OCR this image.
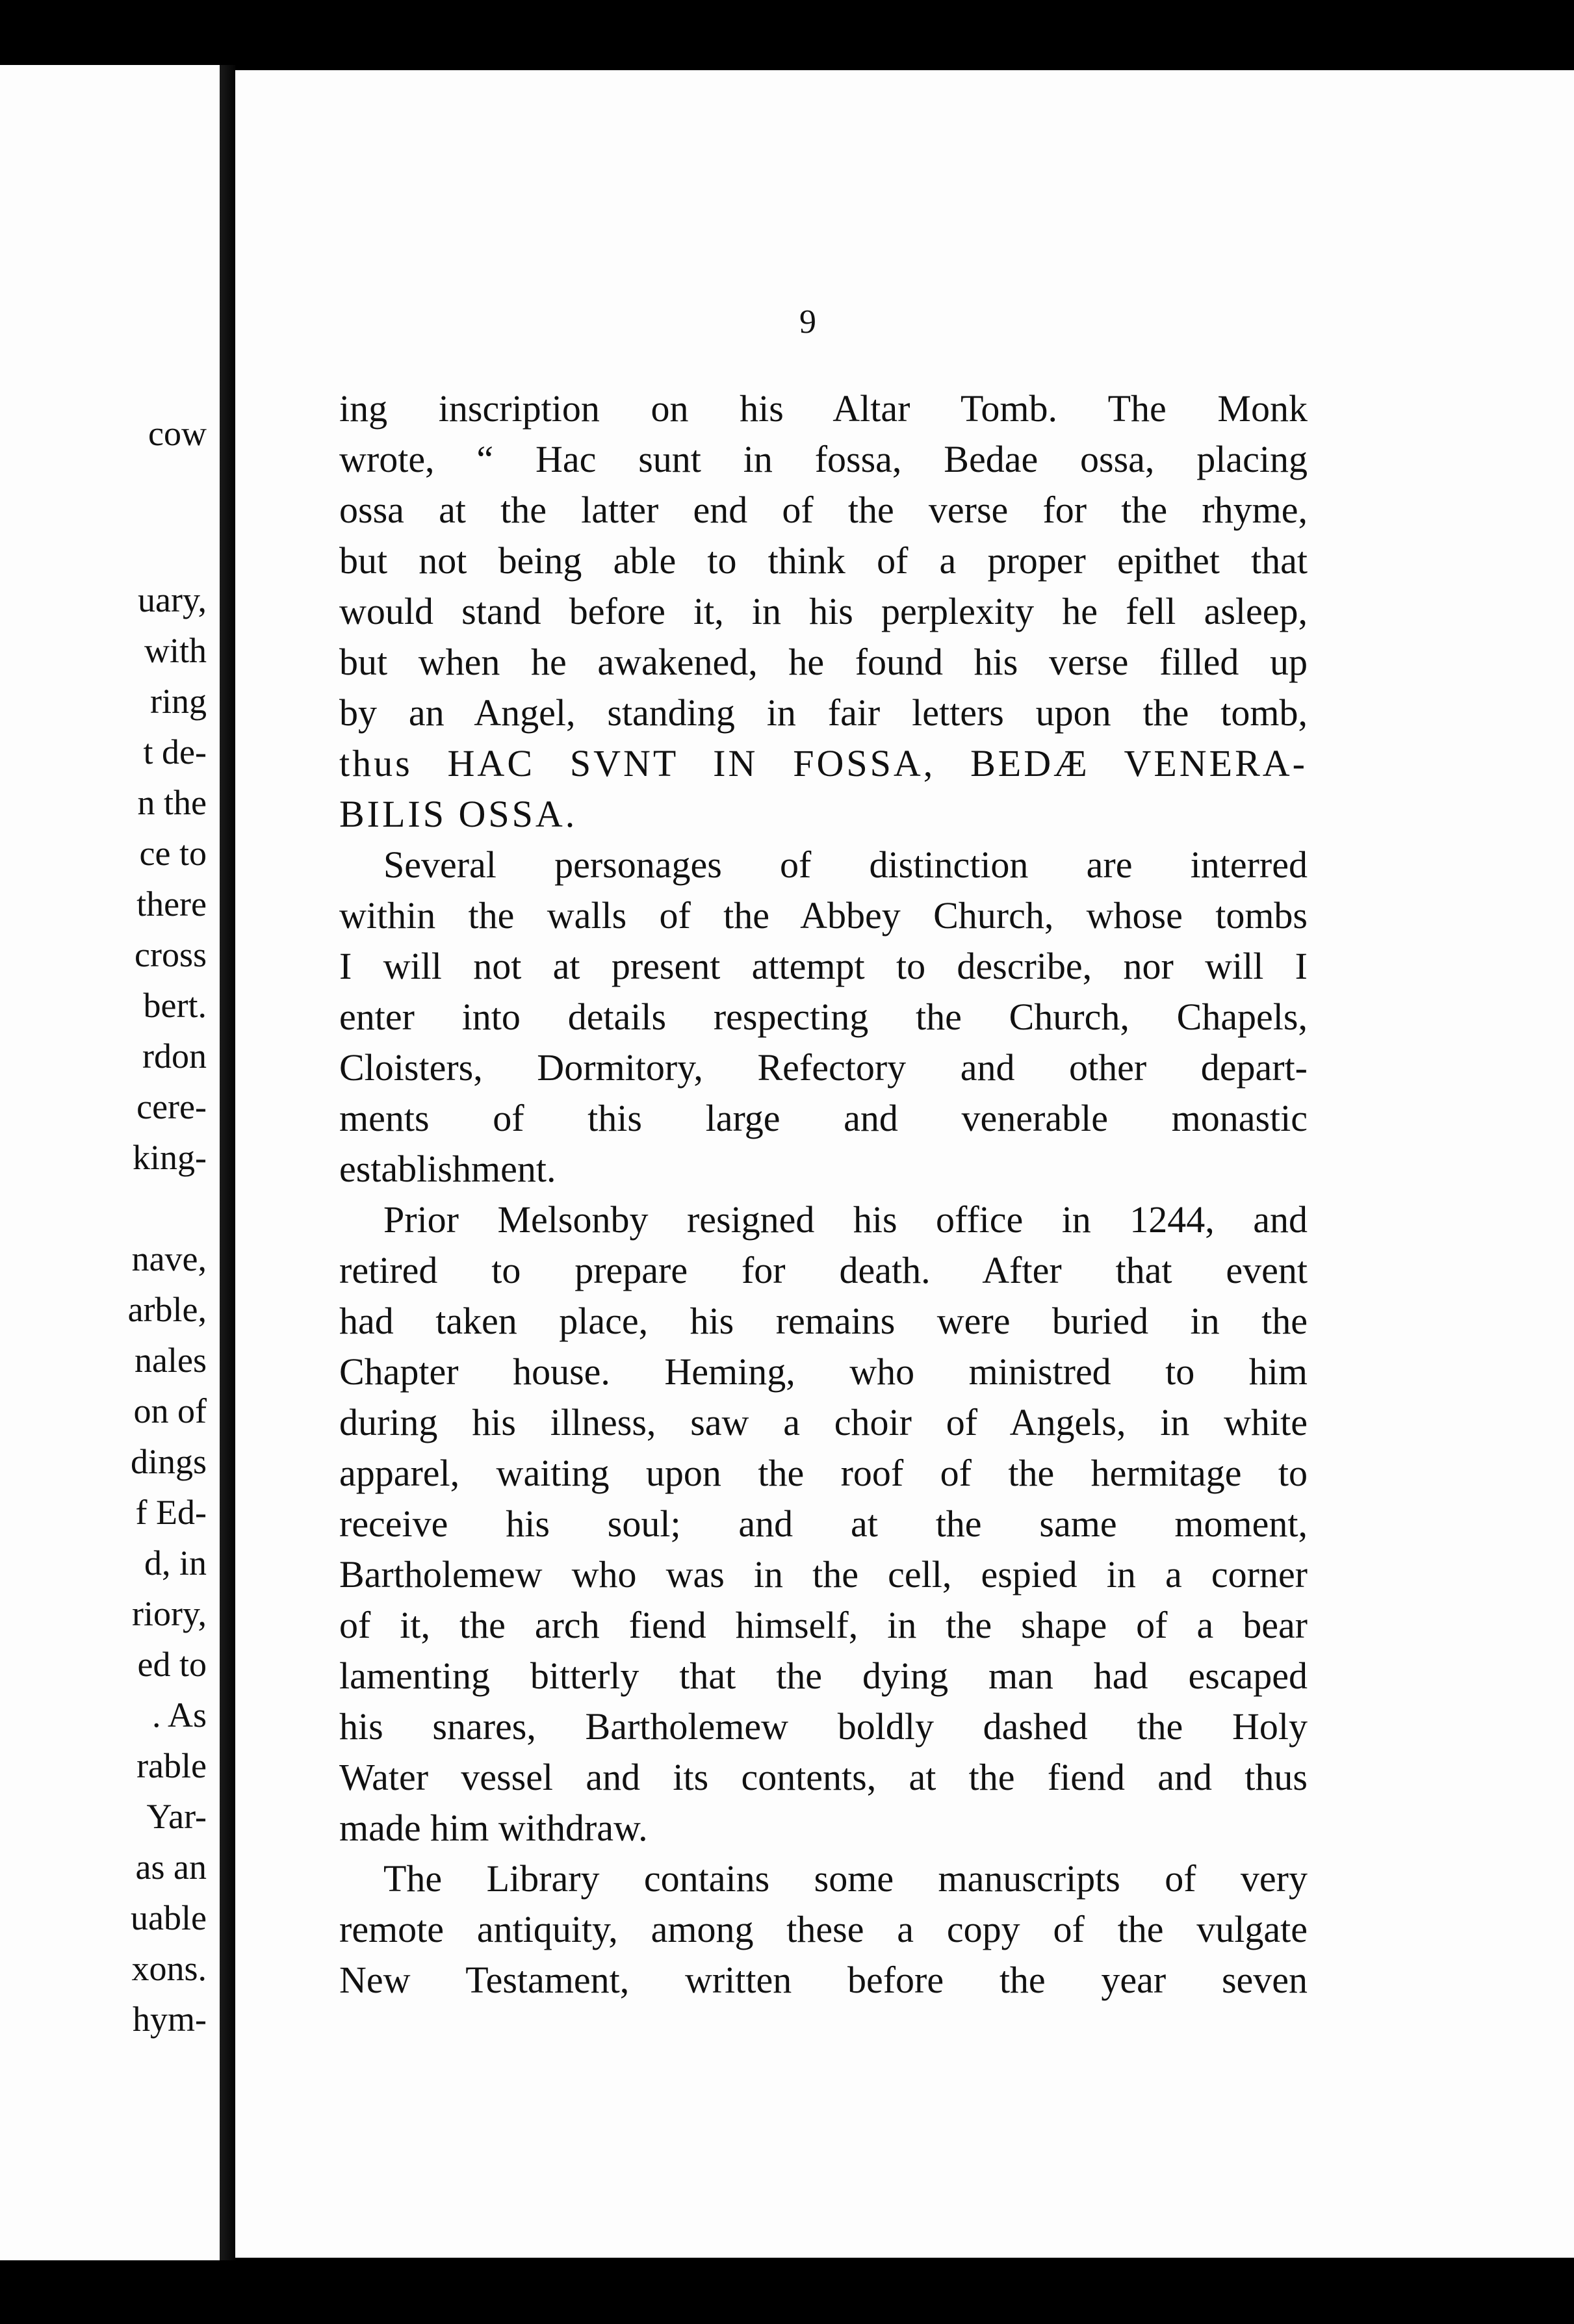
cow
uary,
with
ring
t de-
n the
ce to
there
cross
bert.
rdon
cere-
king-
nave,
arble,
nales
on of
dings
f Ed-
d, in
riory,
ed to
. As
rable
Yar-
as an
uable
xons.
hym-
9
ing inscription on his Altar Tomb. The Monk
wrote, “ Hac sunt in fossa, Bedae ossa, placing
ossa at the latter end of the verse for the rhyme,
but not being able to think of a proper epithet that
would stand before it, in his perplexity he fell asleep,
but when he awakened, he found his verse filled up
by an Angel, standing in fair letters upon the tomb,
thus HAC SVNT IN FOSSA, BEDÆ VENERA-
BILIS OSSA.
Several personages of distinction are interred
within the walls of the Abbey Church, whose tombs
I will not at present attempt to describe, nor will I
enter into details respecting the Church, Chapels,
Cloisters, Dormitory, Refectory and other depart-
ments of this large and venerable monastic
establishment.
Prior Melsonby resigned his office in 1244, and
retired to prepare for death. After that event
had taken place, his remains were buried in the
Chapter house. Heming, who ministred to him
during his illness, saw a choir of Angels, in white
apparel, waiting upon the roof of the hermitage to
receive his soul; and at the same moment,
Bartholemew who was in the cell, espied in a corner
of it, the arch fiend himself, in the shape of a bear
lamenting bitterly that the dying man had escaped
his snares, Bartholemew boldly dashed the Holy
Water vessel and its contents, at the fiend and thus
made him withdraw.
The Library contains some manuscripts of very
remote antiquity, among these a copy of the vulgate
New Testament, written before the year seven
